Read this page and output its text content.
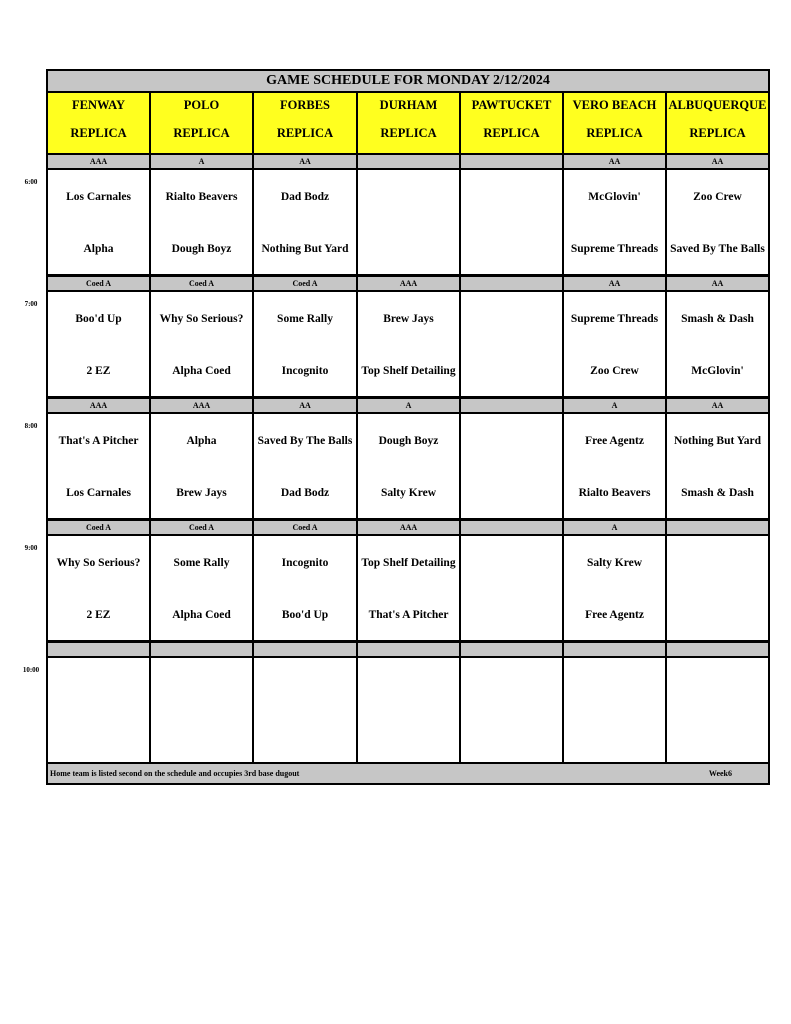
GAME SCHEDULE FOR MONDAY 2/12/2024
FENWAY
REPLICA
POLO
REPLICA
FORBES
REPLICA
DURHAM
REPLICA
PAWTUCKET
REPLICA
VERO BEACH
REPLICA
ALBUQUERQUE
REPLICA
AAA
Los Carnales
Alpha
A
Rialto Beavers
Dough Boyz
AA
Dad Bodz
Nothing But Yard
AA
McGlovin'
Supreme Threads
AA
Zoo Crew
Saved By The Balls
Coed A
Boo'd Up
2 EZ
Coed A
Why So Serious?
Alpha Coed
Coed A
Some Rally
Incognito
AAA
Brew Jays
Top Shelf Detailing
AA
Supreme Threads
Zoo Crew
AA
Smash & Dash
McGlovin'
AAA
That's A Pitcher
Los Carnales
AAA
Alpha
Brew Jays
AA
Saved By The Balls
Dad Bodz
A
Dough Boyz
Salty Krew
A
Free Agentz
Rialto Beavers
AA
Nothing But Yard
Smash & Dash
Coed A
Why So Serious?
2 EZ
Coed A
Some Rally
Alpha Coed
Coed A
Incognito
Boo'd Up
AAA
Top Shelf Detailing
That's A Pitcher
A
Salty Krew
Free Agentz
Home team is listed second on the schedule and occupies 3rd base dugout	Week6
6:00
7:00
8:00
9:00
10:00
